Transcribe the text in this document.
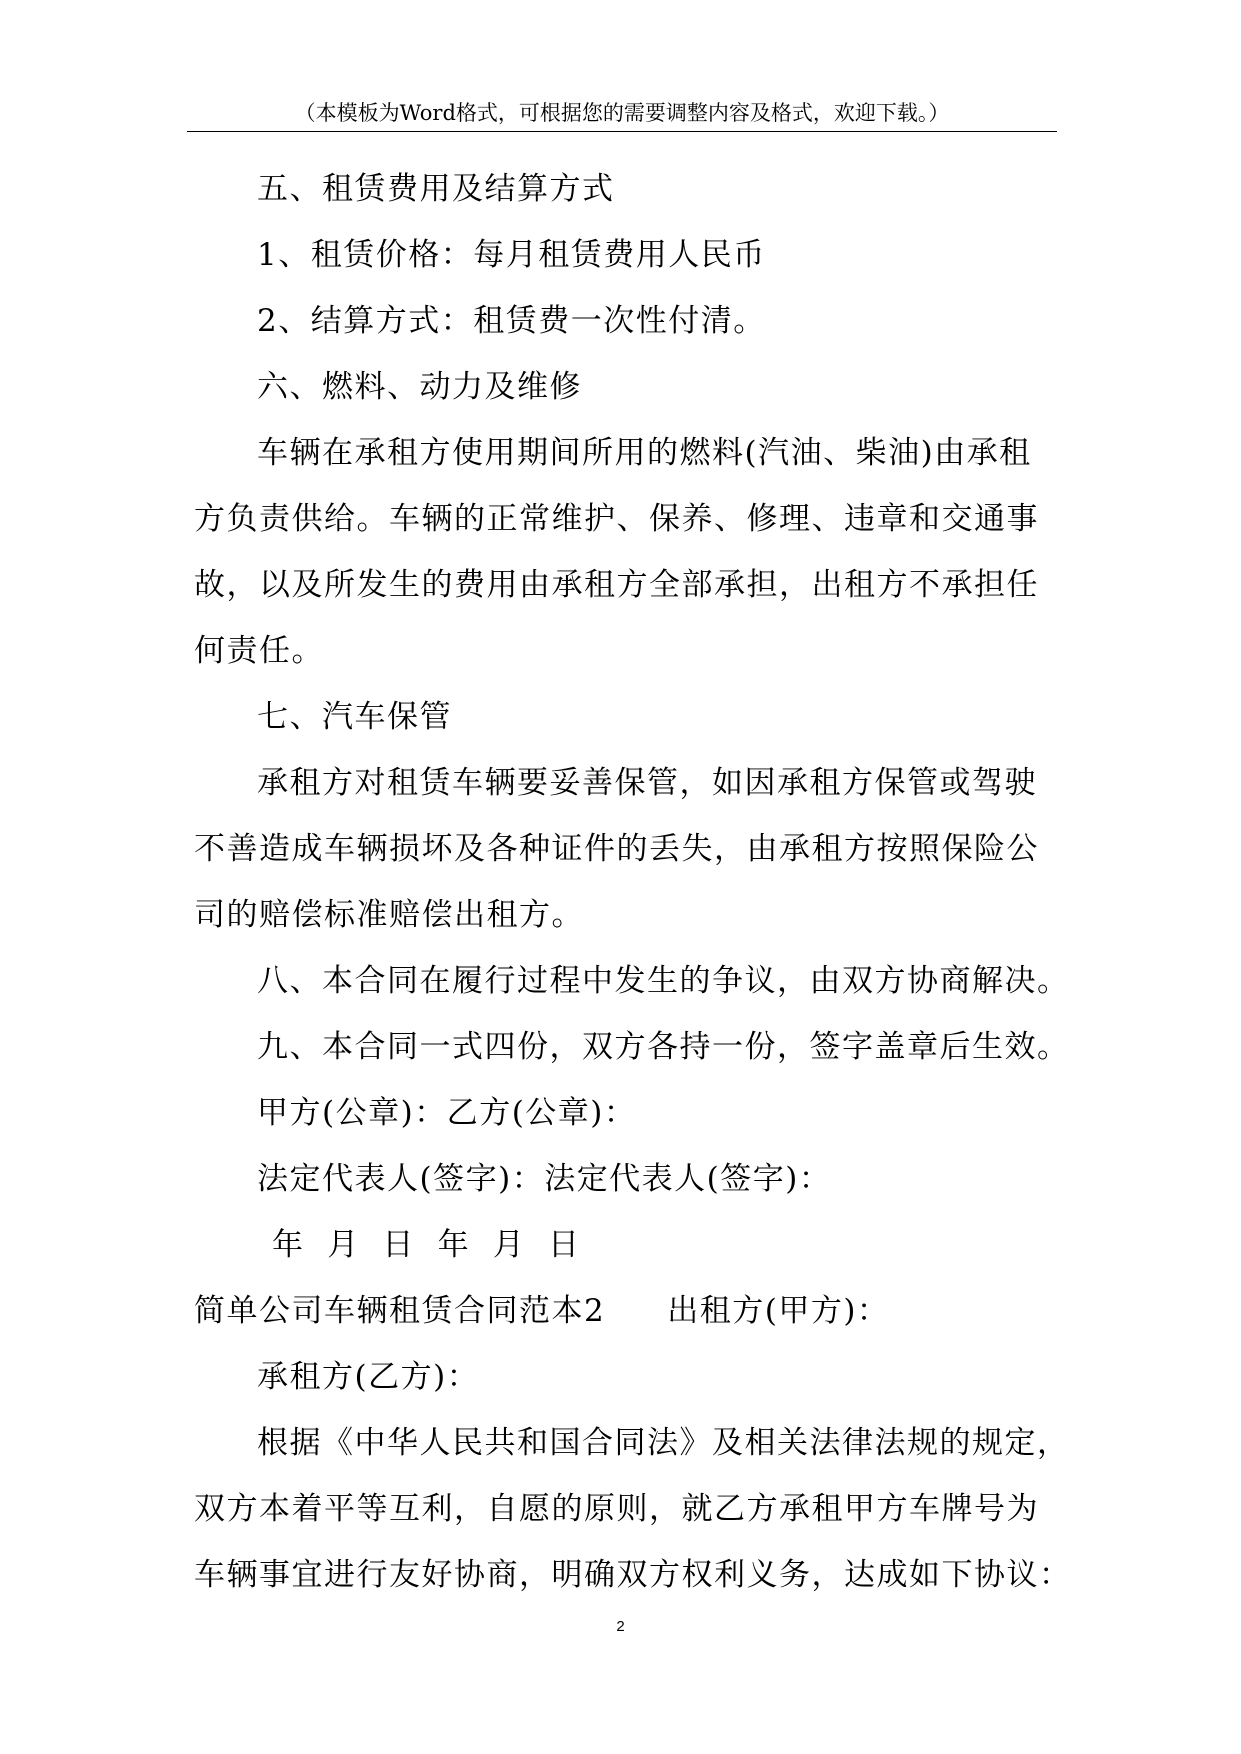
（本模板为Word格式，可根据您的需要调整内容及格式，欢迎下载。）
五、租赁费用及结算方式
1、租赁价格：每月租赁费用人民币
2、结算方式：租赁费一次性付清。
六、燃料、动力及维修
车辆在承租方使用期间所用的燃料(汽油、柴油)由承租
方负责供给。车辆的正常维护、保养、修理、违章和交通事
故，以及所发生的费用由承租方全部承担，出租方不承担任
何责任。
七、汽车保管
承租方对租赁车辆要妥善保管，如因承租方保管或驾驶
不善造成车辆损坏及各种证件的丢失，由承租方按照保险公
司的赔偿标准赔偿出租方。
八、本合同在履行过程中发生的争议，由双方协商解决。
九、本合同一式四份，双方各持一份，签字盖章后生效。
甲方(公章)：乙方(公章)：
法定代表人(签字)：法定代表人(签字)：
年  月  日  年  月  日
简单公司车辆租赁合同范本2 出租方(甲方)：
承租方(乙方)：
根据《中华人民共和国合同法》及相关法律法规的规定，
双方本着平等互利，自愿的原则，就乙方承租甲方车牌号为
车辆事宜进行友好协商，明确双方权利义务，达成如下协议：
2
